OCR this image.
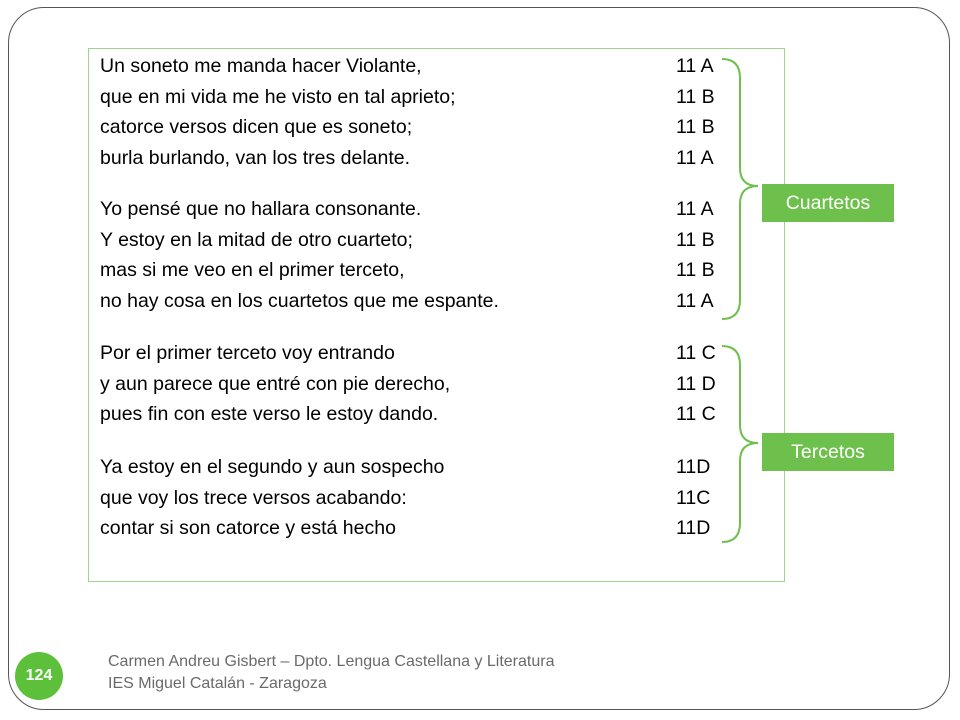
Un soneto me manda hacer Violante,	11 A
que en mi vida me he visto en tal aprieto;	11 B
catorce versos dicen que es soneto;	11 B
burla burlando, van los tres delante.	11 A
Yo pensé que no hallara consonante.	11 A
Y estoy en la mitad de otro cuarteto;	11 B
mas si me veo en el primer terceto,	11 B
no hay cosa en los cuartetos que me espante.	11 A
Por el primer terceto voy entrando	11 C
y aun parece que entré con pie derecho,	11 D
pues fin con este verso le estoy dando.	11 C
Ya estoy en el segundo y aun sospecho	11D
que voy los trece versos acabando:	11C
contar si son catorce y está hecho	11D
Cuartetos
Tercetos
124
Carmen Andreu Gisbert – Dpto. Lengua Castellana y Literatura
IES Miguel Catalán - Zaragoza
